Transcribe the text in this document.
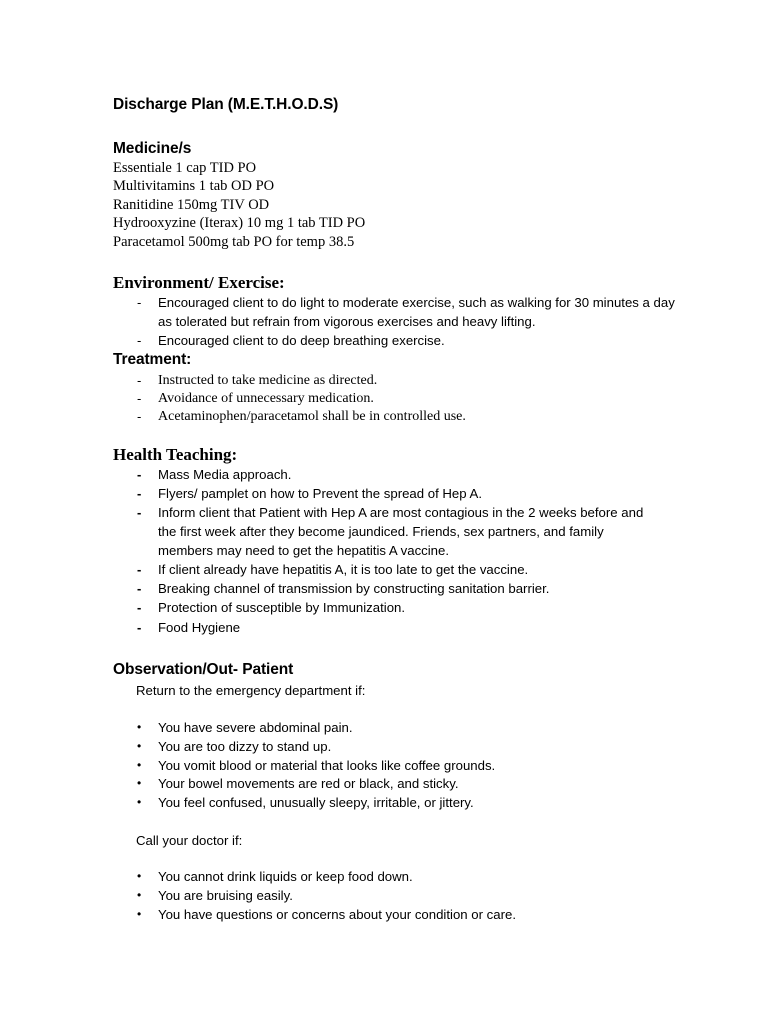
Discharge Plan (M.E.T.H.O.D.S)
Medicine/s
Essentiale 1 cap TID PO
Multivitamins 1 tab OD PO
Ranitidine 150mg TIV OD
Hydrooxyzine (Iterax) 10 mg 1 tab TID PO
Paracetamol 500mg tab PO for temp 38.5
Environment/ Exercise:
- Encouraged client to do light to moderate exercise, such as walking for 30 minutes a day as tolerated but refrain from vigorous exercises and heavy lifting.
- Encouraged client to do deep breathing exercise.
Treatment:
- Instructed to take medicine as directed.
- Avoidance of unnecessary medication.
- Acetaminophen/paracetamol shall be in controlled use.
Health Teaching:
- Mass Media approach.
- Flyers/ pamplet on how to Prevent the spread of Hep A.
- Inform client that Patient with Hep A are most contagious in the 2 weeks before and the first week after they become jaundiced. Friends, sex partners, and family members may need to get the hepatitis A vaccine.
- If client already have hepatitis A, it is too late to get the vaccine.
- Breaking channel of transmission by constructing sanitation barrier.
- Protection of susceptible by Immunization.
- Food Hygiene
Observation/Out- Patient
Return to the emergency department if:
• You have severe abdominal pain.
• You are too dizzy to stand up.
• You vomit blood or material that looks like coffee grounds.
• Your bowel movements are red or black, and sticky.
• You feel confused, unusually sleepy, irritable, or jittery.
Call your doctor if:
• You cannot drink liquids or keep food down.
• You are bruising easily.
• You have questions or concerns about your condition or care.
